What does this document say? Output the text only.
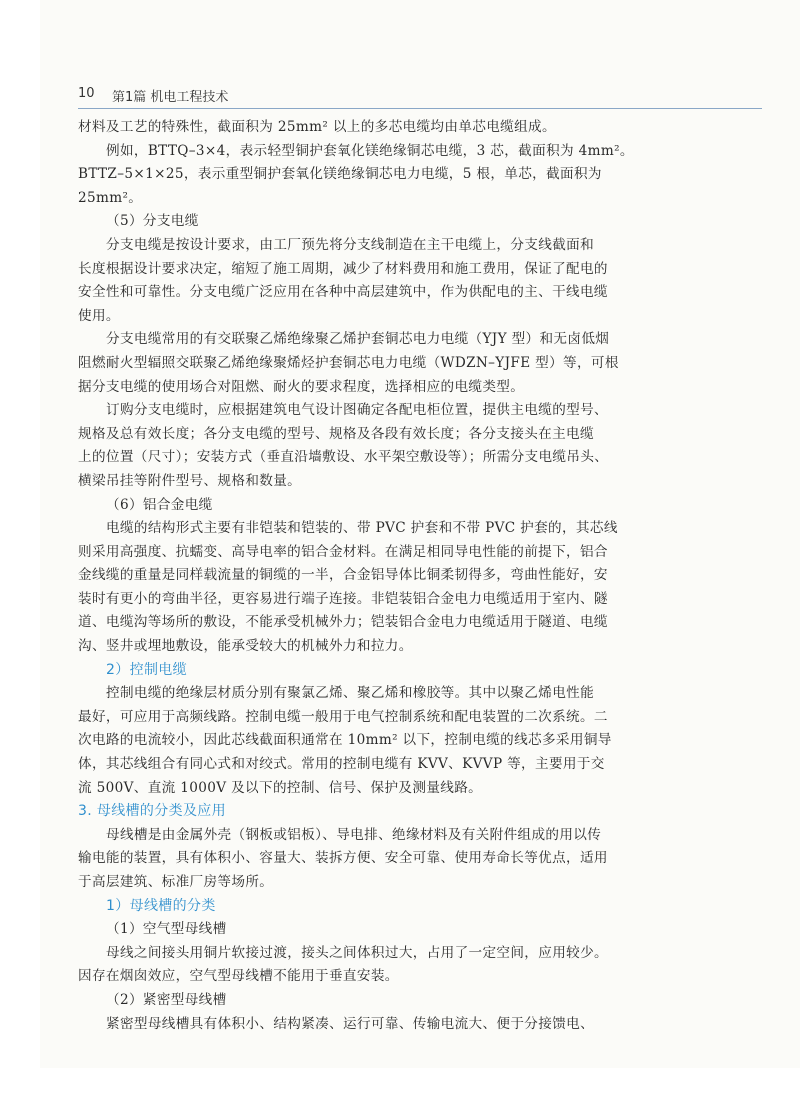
10 第1篇 机电工程技术
材料及工艺的特殊性，截面积为 25mm² 以上的多芯电缆均由单芯电缆组成。
例如，BTTQ–3×4，表示轻型铜护套氧化镁绝缘铜芯电缆，3 芯，截面积为 4mm²。
BTTZ–5×1×25，表示重型铜护套氧化镁绝缘铜芯电力电缆，5 根，单芯，截面积为
25mm²。
（5）分支电缆
分支电缆是按设计要求，由工厂预先将分支线制造在主干电缆上，分支线截面和
长度根据设计要求决定，缩短了施工周期，减少了材料费用和施工费用，保证了配电的
安全性和可靠性。分支电缆广泛应用在各种中高层建筑中，作为供配电的主、干线电缆
使用。
分支电缆常用的有交联聚乙烯绝缘聚乙烯护套铜芯电力电缆（YJY 型）和无卤低烟
阻燃耐火型辐照交联聚乙烯绝缘聚烯烃护套铜芯电力电缆（WDZN–YJFE 型）等，可根
据分支电缆的使用场合对阻燃、耐火的要求程度，选择相应的电缆类型。
订购分支电缆时，应根据建筑电气设计图确定各配电柜位置，提供主电缆的型号、
规格及总有效长度；各分支电缆的型号、规格及各段有效长度；各分支接头在主电缆
上的位置（尺寸）；安装方式（垂直沿墙敷设、水平架空敷设等）；所需分支电缆吊头、
横梁吊挂等附件型号、规格和数量。
（6）铝合金电缆
电缆的结构形式主要有非铠装和铠装的、带 PVC 护套和不带 PVC 护套的，其芯线
则采用高强度、抗蠕变、高导电率的铝合金材料。在满足相同导电性能的前提下，铝合
金线缆的重量是同样载流量的铜缆的一半，合金铝导体比铜柔韧得多，弯曲性能好，安
装时有更小的弯曲半径，更容易进行端子连接。非铠装铝合金电力电缆适用于室内、隧
道、电缆沟等场所的敷设，不能承受机械外力；铠装铝合金电力电缆适用于隧道、电缆
沟、竖井或埋地敷设，能承受较大的机械外力和拉力。
2）控制电缆
控制电缆的绝缘层材质分别有聚氯乙烯、聚乙烯和橡胶等。其中以聚乙烯电性能
最好，可应用于高频线路。控制电缆一般用于电气控制系统和配电装置的二次系统。二
次电路的电流较小，因此芯线截面积通常在 10mm² 以下，控制电缆的线芯多采用铜导
体，其芯线组合有同心式和对绞式。常用的控制电缆有 KVV、KVVP 等，主要用于交
流 500V、直流 1000V 及以下的控制、信号、保护及测量线路。
3. 母线槽的分类及应用
母线槽是由金属外壳（钢板或铝板）、导电排、绝缘材料及有关附件组成的用以传
输电能的装置，具有体积小、容量大、装拆方便、安全可靠、使用寿命长等优点，适用
于高层建筑、标准厂房等场所。
1）母线槽的分类
（1）空气型母线槽
母线之间接头用铜片软接过渡，接头之间体积过大，占用了一定空间，应用较少。
因存在烟囱效应，空气型母线槽不能用于垂直安装。
（2）紧密型母线槽
紧密型母线槽具有体积小、结构紧凑、运行可靠、传输电流大、便于分接馈电、
